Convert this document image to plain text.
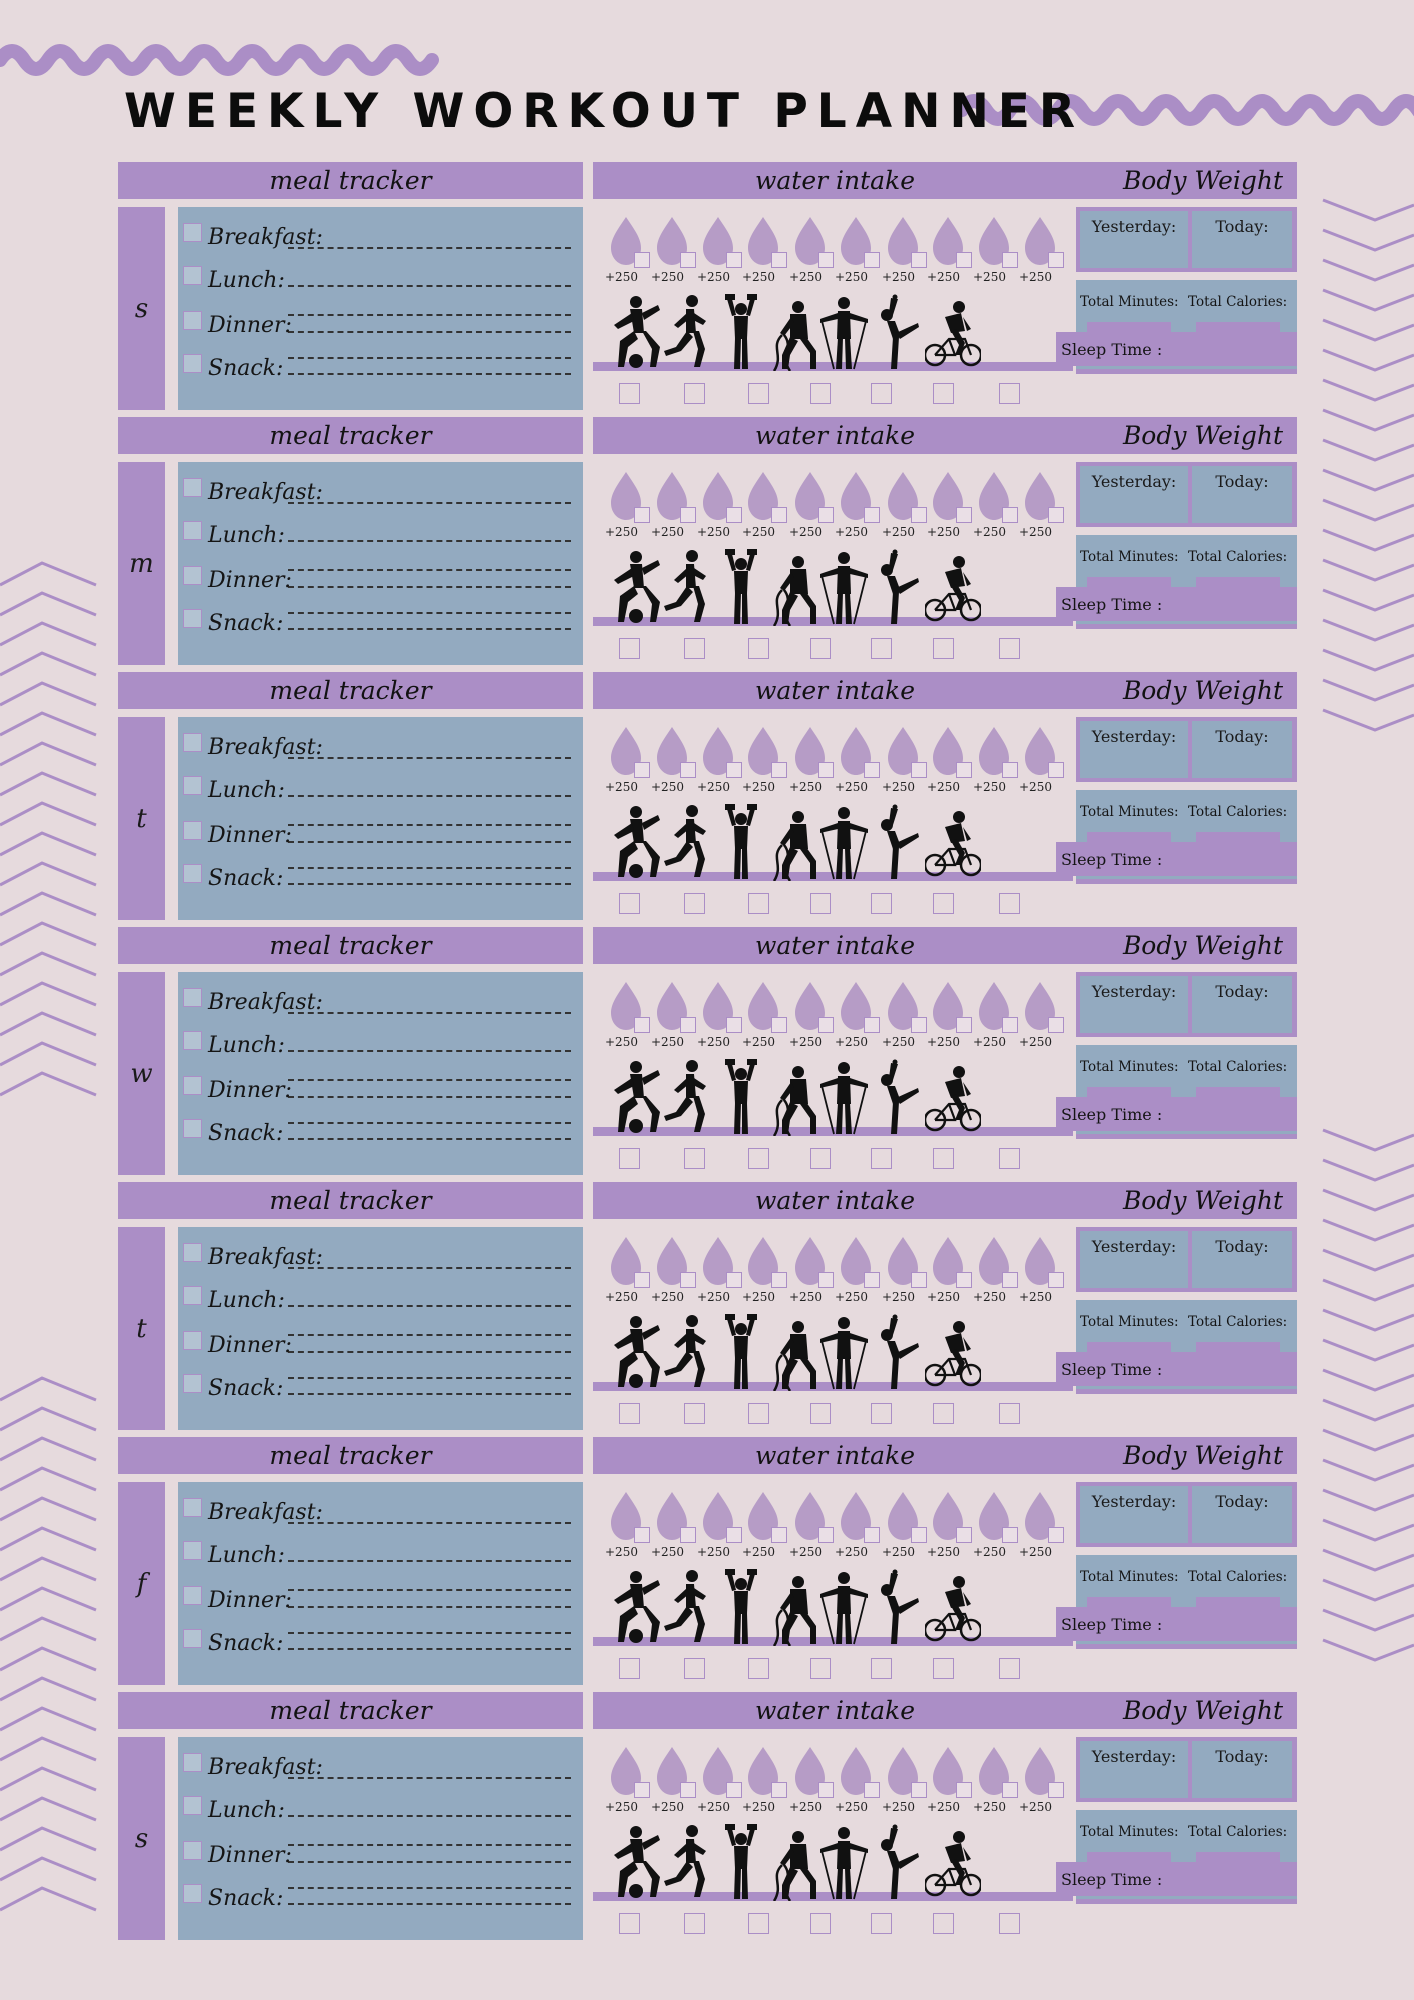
WEEKLY WORKOUT PLANNER
meal tracker	water intake	Body Weight
s
Breakfast:
Lunch:
Dinner:
Snack:
+250 +250 +250 +250 +250 +250 +250 +250 +250 +250
Yesterday:	Today:
Total Minutes: Total Calories:
Sleep Time :
meal tracker	water intake	Body Weight
m
Breakfast:
Lunch:
Dinner:
Snack:
+250 +250 +250 +250 +250 +250 +250 +250 +250 +250
Yesterday:	Today:
Total Minutes: Total Calories:
Sleep Time :
meal tracker	water intake	Body Weight
t
Breakfast:
Lunch:
Dinner:
Snack:
+250 +250 +250 +250 +250 +250 +250 +250 +250 +250
Yesterday:	Today:
Total Minutes: Total Calories:
Sleep Time :
meal tracker	water intake	Body Weight
w
Breakfast:
Lunch:
Dinner:
Snack:
+250 +250 +250 +250 +250 +250 +250 +250 +250 +250
Yesterday:	Today:
Total Minutes: Total Calories:
Sleep Time :
meal tracker	water intake	Body Weight
t
Breakfast:
Lunch:
Dinner:
Snack:
+250 +250 +250 +250 +250 +250 +250 +250 +250 +250
Yesterday:	Today:
Total Minutes: Total Calories:
Sleep Time :
meal tracker	water intake	Body Weight
f
Breakfast:
Lunch:
Dinner:
Snack:
+250 +250 +250 +250 +250 +250 +250 +250 +250 +250
Yesterday:	Today:
Total Minutes: Total Calories:
Sleep Time :
meal tracker	water intake	Body Weight
s
Breakfast:
Lunch:
Dinner:
Snack:
+250 +250 +250 +250 +250 +250 +250 +250 +250 +250
Yesterday:	Today:
Total Minutes: Total Calories:
Sleep Time :
